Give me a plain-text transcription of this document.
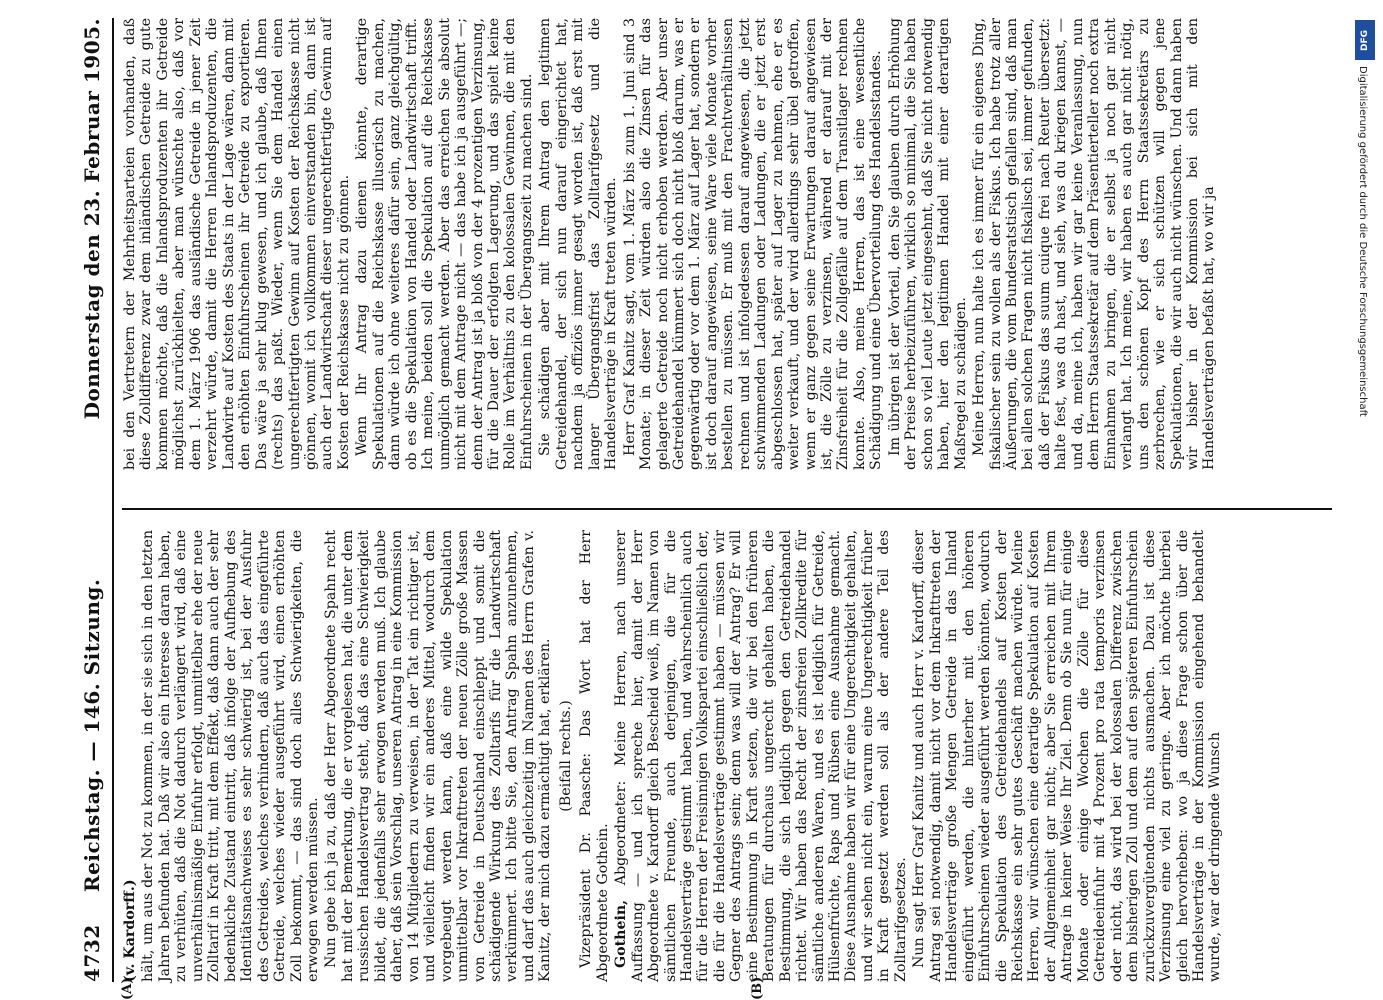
4732
Reichstag. — 146. Sitzung.
Donnerstag den 23. Februar 1905.
(A)	(B)

(v. Kardorff.) hält, um aus der Not zu kommen, in der sie sich in den letzten Jahren befunden hat. Daß wir also ein Interesse daran haben, zu verhüten, daß die Not dadurch verlängert wird, daß eine unverhältnismäßige Einfuhr erfolgt, unmittelbar ehe der neue Zolltarif in Kraft tritt, mit dem Effekt, daß dann auch der sehr bedenkliche Zustand eintritt, daß infolge der Aufhebung des Identitätsnachweises es sehr schwierig ist, bei der Ausfuhr des Getreides, welches verhindern, daß auch das eingeführte Getreide, welches wieder ausgeführt wird, einen erhöhten Zoll bekommt, — das sind doch alles Schwierigkeiten, die erwogen werden müssen. Nun gebe ich ja zu, daß der Herr Abgeordnete Spahn recht hat mit der Bemerkung, die er vorgelesen hat, die unter dem russischen Handelsvertrag steht, daß das eine Schwierigkeit bildet, die jedenfalls sehr erwogen werden muß. Ich glaube daher, daß sein Vorschlag, unseren Antrag in eine Kommission von 14 Mitgliedern zu verweisen, in der Tat ein richtiger ist, und vielleicht finden wir ein anderes Mittel, wodurch dem vorgebeugt werden kann, daß eine wilde Spekulation unmittelbar vor Inkrafttreten der neuen Zölle große Massen von Getreide in Deutschland einschleppt und somit die schädigende Wirkung des Zolltarifs für die Landwirtschaft verkümmert. Ich bitte Sie, den Antrag Spahn anzunehmen, und darf das auch gleichzeitig im Namen des Herrn Grafen v. Kanitz, der mich dazu ermächtigt hat, erklären. (Beifall rechts.) Vizepräsident Dr. Paasche: Das Wort hat der Herr Abgeordnete Gothein. Gothein, Abgeordneter: Meine Herren, nach unserer Auffassung — und ich spreche hier, damit der Herr Abgeordnete v. Kardorff gleich Bescheid weiß, im Namen von sämtlichen Freunde, auch derjenigen, die für die Handelsverträge gestimmt haben, und wahrscheinlich auch für die Herren der Freisinnigen Volkspartei einschließlich der, die für die Handelsverträge gestimmt haben — müssen wir Gegner des Antrags sein; denn was will der Antrag? Er will eine Bestimmung in Kraft setzen, die wir bei den früheren Beratungen für durchaus ungerecht gehalten haben, die Bestimmung, die sich lediglich gegen den Getreidehandel richtet. Wir haben das Recht der zinsfreien Zollkredite für sämtliche anderen Waren, und es ist lediglich für Getreide, Hülsenfrüchte, Raps und Rübsen eine Ausnahme gemacht. Diese Ausnahme haben wir für eine Ungerechtigkeit gehalten, und wir sehen nicht ein, warum eine Ungerechtigkeit früher in Kraft gesetzt werden soll als der andere Teil des Zolltarifgesetzes. Nun sagt Herr Graf Kanitz und auch Herr v. Kardorff, dieser Antrag sei notwendig, damit nicht vor dem Inkrafttreten der Handelsverträge große Mengen Getreide in das Inland eingeführt werden, die hinterher mit den höheren Einfuhrscheinen wieder ausgeführt werden könnten, wodurch die Spekulation des Getreidehandels auf Kosten der Reichskasse ein sehr gutes Geschäft machen würde. Meine Herren, wir wünschen eine derartige Spekulation auf Kosten der Allgemeinheit gar nicht; aber Sie erreichen mit Ihrem Antrage in keiner Weise Ihr Ziel. Denn ob Sie nun für einige Monate oder einige Wochen die Zölle für diese Getreideeinfuhr mit 4 Prozent pro rata temporis verzinsen oder nicht, das wird bei der kolossalen Differenz zwischen dem bisherigen Zoll und dem auf den späteren Einfuhrschein zurückzuvergütenden nichts ausmachen. Dazu ist diese Verzinsung eine viel zu geringe. Aber ich möchte hierbei gleich hervorheben: wo ja diese Frage schon über die Handelsverträge in der Kommission eingehend behandelt wurde, war der dringende Wunsch

bei den Vertretern der Mehrheitsparteien vorhanden, daß diese Zolldifferenz zwar dem inländischen Getreide zu gute kommen möchte, daß die Inlandsproduzenten ihr Getreide möglichst zurückhielten, aber man wünschte also, daß vor dem 1. März 1906 das ausländische Getreide in jener Zeit verzehrt würde, damit die Herren Inlandsproduzenten, die Landwirte auf Kosten des Staats in der Lage wären, dann mit den erhöhten Einfuhrscheinen ihr Getreide zu exportieren. Das wäre ja sehr klug gewesen, und ich glaube, daß Ihnen (rechts) das paßt. Wieder, wenn Sie dem Handel einen ungerechtfertigten Gewinn auf Kosten der Reichskasse nicht gönnen, womit ich vollkommen einverstanden bin, dann ist auch der Landwirtschaft dieser ungerechtfertigte Gewinn auf Kosten der Reichskasse nicht zu gönnen. Wenn Ihr Antrag dazu dienen könnte, derartige Spekulationen auf die Reichskasse illusorisch zu machen, dann würde ich ohne weiteres dafür sein, ganz gleichgültig, ob es die Spekulation von Handel oder Landwirtschaft trifft. Ich meine, beiden soll die Spekulation auf die Reichskasse unmöglich gemacht werden. Aber das erreichen Sie absolut nicht mit dem Antrage nicht — das habe ich ja ausgeführt —; denn der Antrag ist ja bloß von der 4 prozentigen Verzinsung, für die Dauer der erfolgten Lagerung, und das spielt keine Rolle im Verhältnis zu den kolossalen Gewinnen, die mit den Einfuhrscheinen in der Übergangszeit zu machen sind. Sie schädigen aber mit Ihrem Antrag den legitimen Getreidehandel, der sich nun darauf eingerichtet hat, nachdem ja offiziös immer gesagt worden ist, daß erst mit langer Übergangsfrist das Zolltarifgesetz und die Handelsverträge in Kraft treten würden. Herr Graf Kanitz sagt, vom 1. März bis zum 1. Juni sind 3 Monate; in dieser Zeit würden also die Zinsen für das gelagerte Getreide noch nicht erhoben werden. Aber unser Getreidehandel kümmert sich doch nicht bloß darum, was er gegenwärtig oder vor dem 1. März auf Lager hat, sondern er ist doch darauf angewiesen, seine Ware viele Monate vorher bestellen zu müssen. Er muß mit den Frachtverhältnissen rechnen und ist infolgedessen darauf angewiesen, die jetzt schwimmenden Ladungen oder Ladungen, die er jetzt erst abgeschlossen hat, später auf Lager zu nehmen, ehe er es weiter verkauft, und der wird allerdings sehr übel getroffen, wenn er ganz gegen seine Erwartungen darauf angewiesen ist, die Zölle zu verzinsen, während er darauf mit der Zinsfreiheit für die Zollgefälle auf dem Transitlager rechnen konnte. Also, meine Herren, das ist eine wesentliche Schädigung und eine Übervorteilung des Handelsstandes. Im übrigen ist der Vorteil, den Sie glauben durch Erhöhung der Preise herbeizuführen, wirklich so minimal, die Sie haben schon so viel Leute jetzt eingesehnt, daß Sie nicht notwendig haben, hier den legitimen Handel mit einer derartigen Maßregel zu schädigen. Meine Herren, nun halte ich es immer für ein eigenes Ding, fiskalischer sein zu wollen als der Fiskus. Ich habe trotz aller Äußerungen, die vom Bundesratstisch gefallen sind, daß man bei allen solchen Fragen nicht fiskalisch sei, immer gefunden, daß der Fiskus das suum cuique frei nach Reuter übersetzt: halte fest, was du hast, und sieh, was du kriegen kannst, — und da, meine ich, haben wir gar keine Veranlassung, nun dem Herrn Staatssekretär auf dem Präsentierteller noch extra Einnahmen zu bringen, die er selbst ja noch gar nicht verlangt hat. Ich meine, wir haben es auch gar nicht nötig, uns den schönen Kopf des Herrn Staatssekretärs zu zerbrechen, wie er sich schützen will gegen jene Spekulationen, die wir auch nicht wünschen. Und dann haben wir bisher in der Kommission bei sich mit den Handelsverträgen befaßt hat, wo wir ja

DFG
Digitalisierung gefördert durch die Deutsche Forschungsgemeinschaft
